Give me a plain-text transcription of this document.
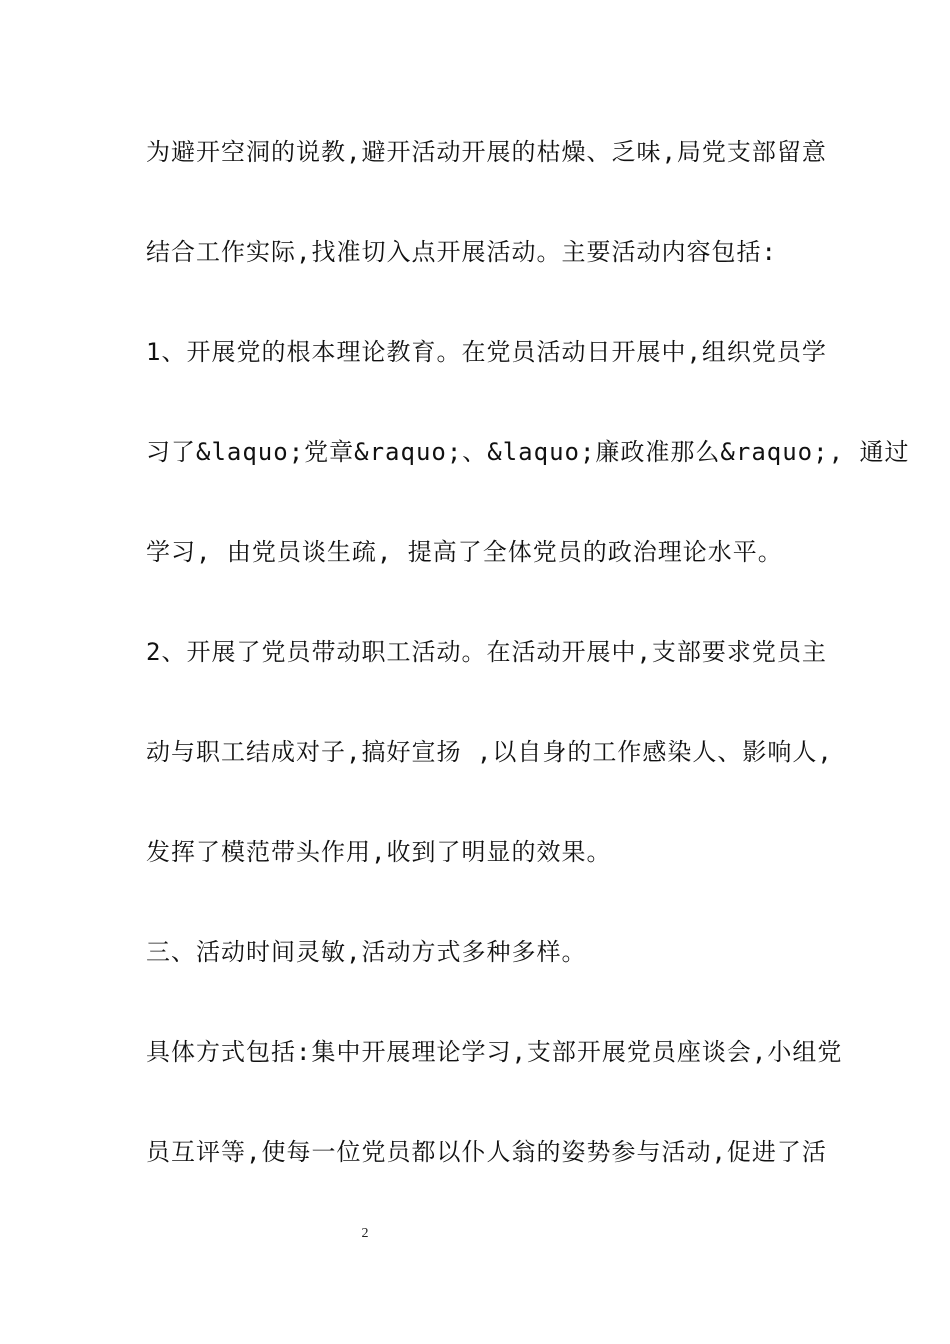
为避开空洞的说教,避开活动开展的枯燥、乏味,局党支部留意
结合工作实际,找准切入点开展活动。主要活动内容包括:
1、开展党的根本理论教育。在党员活动日开展中,组织党员学
习了&laquo;党章&raquo;、&laquo;廉政准那么&raquo;, 通过
学习, 由党员谈生疏, 提高了全体党员的政治理论水平。
2、开展了党员带动职工活动。在活动开展中,支部要求党员主
动与职工结成对子,搞好宣扬 ,以自身的工作感染人、影响人,
发挥了模范带头作用,收到了明显的效果。
三、活动时间灵敏,活动方式多种多样。
具体方式包括:集中开展理论学习,支部开展党员座谈会,小组党
员互评等,使每一位党员都以仆人翁的姿势参与活动,促进了活
2
